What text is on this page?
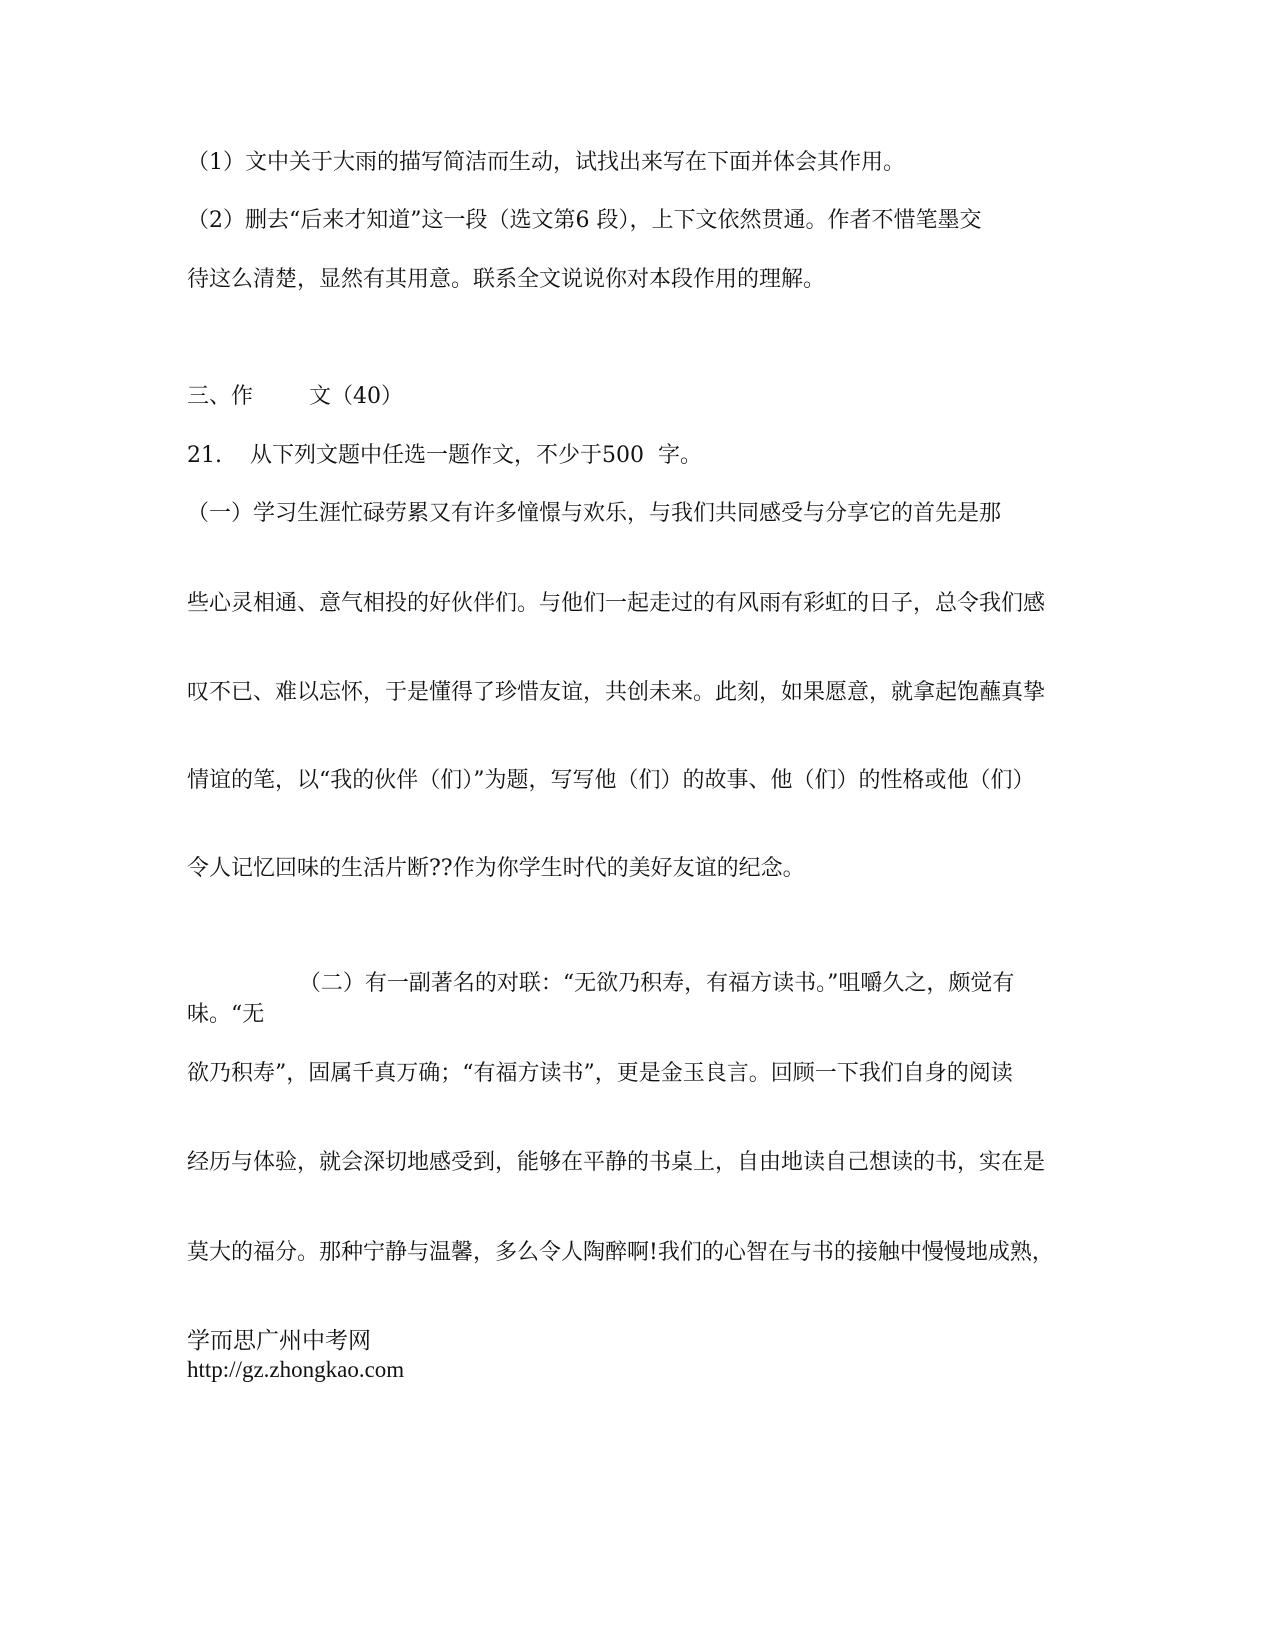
（1）文中关于大雨的描写简洁而生动，试找出来写在下面并体会其作用。
（2）删去“后来才知道”这一段（选文第6 段），上下文依然贯通。作者不惜笔墨交
待这么清楚，显然有其用意。联系全文说说你对本段作用的理解。
三、作        文（40）
21.    从下列文题中任选一题作文，不少于500  字。
（一）学习生涯忙碌劳累又有许多憧憬与欢乐，与我们共同感受与分享它的首先是那
些心灵相通、意气相投的好伙伴们。与他们一起走过的有风雨有彩虹的日子，总令我们感
叹不已、难以忘怀，于是懂得了珍惜友谊，共创未来。此刻，如果愿意，就拿起饱蘸真挚
情谊的笔，以“我的伙伴（们）”为题，写写他（们）的故事、他（们）的性格或他（们）
令人记忆回味的生活片断??作为你学生时代的美好友谊的纪念。
（二）有一副著名的对联：“无欲乃积寿，有福方读书。”咀嚼久之，颇觉有味。“无
欲乃积寿”，固属千真万确；“有福方读书”，更是金玉良言。回顾一下我们自身的阅读
经历与体验，就会深切地感受到，能够在平静的书桌上，自由地读自己想读的书，实在是
莫大的福分。那种宁静与温馨，多么令人陶醉啊!我们的心智在与书的接触中慢慢地成熟，
学而思广州中考网
http://gz.zhongkao.com
